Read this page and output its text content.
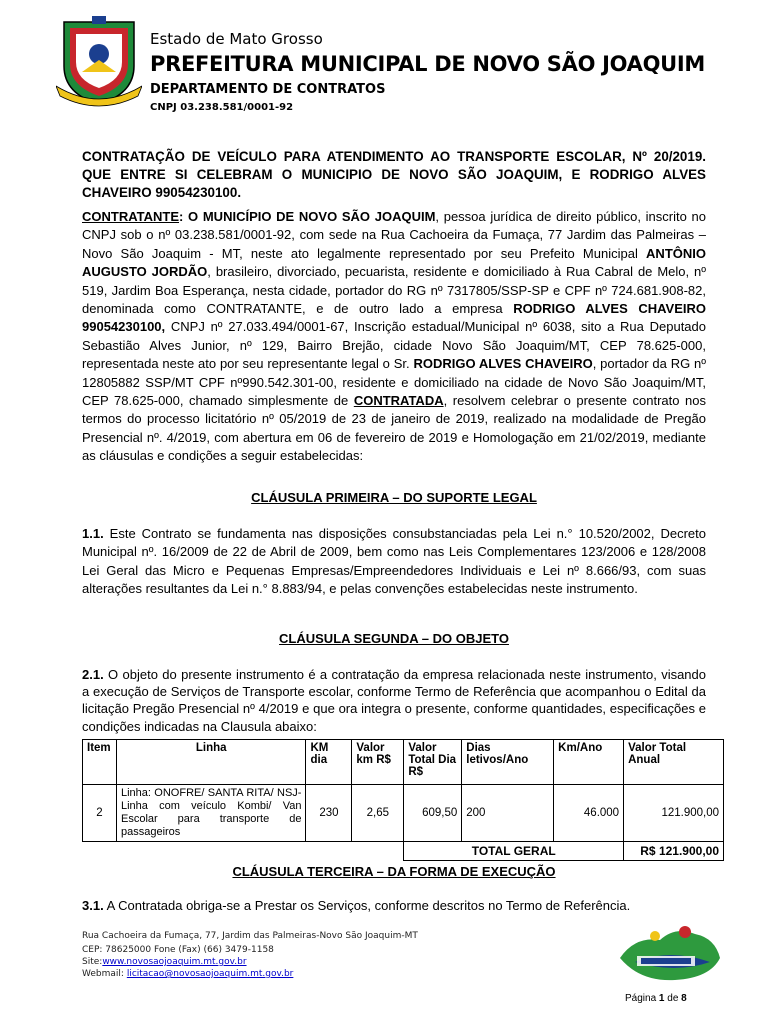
Estado de Mato Grosso
PREFEITURA MUNICIPAL DE NOVO SÃO JOAQUIM
DEPARTAMENTO DE CONTRATOS
CNPJ 03.238.581/0001-92
CONTRATAÇÃO DE VEÍCULO PARA ATENDIMENTO AO TRANSPORTE ESCOLAR, Nº 20/2019. QUE ENTRE SI CELEBRAM O MUNICIPIO DE NOVO SÃO JOAQUIM, E RODRIGO ALVES CHAVEIRO 99054230100.
CONTRATANTE: O MUNICÍPIO DE NOVO SÃO JOAQUIM, pessoa jurídica de direito público, inscrito no CNPJ sob o nº 03.238.581/0001-92, com sede na Rua Cachoeira da Fumaça, 77 Jardim das Palmeiras – Novo São Joaquim - MT, neste ato legalmente representado por seu Prefeito Municipal ANTÔNIO AUGUSTO JORDÃO, brasileiro, divorciado, pecuarista, residente e domiciliado à Rua Cabral de Melo, nº 519, Jardim Boa Esperança, nesta cidade, portador do RG nº 7317805/SSP-SP e CPF nº 724.681.908-82, denominada como CONTRATANTE, e de outro lado a empresa RODRIGO ALVES CHAVEIRO 99054230100, CNPJ nº 27.033.494/0001-67, Inscrição estadual/Municipal nº 6038, sito a Rua Deputado Sebastião Alves Junior, nº 129, Bairro Brejão, cidade Novo São Joaquim/MT, CEP 78.625-000, representada neste ato por seu representante legal o Sr. RODRIGO ALVES CHAVEIRO, portador da RG nº 12805882 SSP/MT CPF nº990.542.301-00, residente e domiciliado na cidade de Novo São Joaquim/MT, CEP 78.625-000, chamado simplesmente de CONTRATADA, resolvem celebrar o presente contrato nos termos do processo licitatório nº 05/2019 de 23 de janeiro de 2019, realizado na modalidade de Pregão Presencial nº. 4/2019, com abertura em 06 de fevereiro de 2019 e Homologação em 21/02/2019, mediante as cláusulas e condições a seguir estabelecidas:
CLÁUSULA PRIMEIRA – DO SUPORTE LEGAL
1.1. Este Contrato se fundamenta nas disposições consubstanciadas pela Lei n.° 10.520/2002, Decreto Municipal nº. 16/2009 de 22 de Abril de 2009, bem como nas Leis Complementares 123/2006 e 128/2008 Lei Geral das Micro e Pequenas Empresas/Empreendedores Individuais e Lei nº 8.666/93, com suas alterações resultantes da Lei n.° 8.883/94, e pelas convenções estabelecidas neste instrumento.
CLÁUSULA SEGUNDA – DO OBJETO
2.1. O objeto do presente instrumento é a contratação da empresa relacionada neste instrumento, visando a execução de Serviços de Transporte escolar, conforme Termo de Referência que acompanhou o Edital da licitação Pregão Presencial nº 4/2019 e que ora integra o presente, conforme quantidades, especificações e condições indicadas na Clausula abaixo:
Item	Linha	KM dia	Valor km R$	Valor Total Dia R$	Dias letivos/Ano	Km/Ano	Valor Total Anual
2	Linha: ONOFRE/ SANTA RITA/ NSJ- Linha com veículo Kombi/ Van Escolar para transporte de passageiros	230	2,65	609,50	200	46.000	121.900,00
				TOTAL GERAL			R$ 121.900,00
CLÁUSULA TERCEIRA – DA FORMA DE EXECUÇÃO
3.1. A Contratada obriga-se a Prestar os Serviços, conforme descritos no Termo de Referência.
Rua Cachoeira da Fumaça, 77, Jardim das Palmeiras-Novo São Joaquim-MT
CEP: 78625000 Fone (Fax) (66) 3479-1158
Site:www.novosaojoaquim.mt.gov.br
Webmail: licitacao@novosaojoaquim.mt.gov.br
Página 1 de 8
